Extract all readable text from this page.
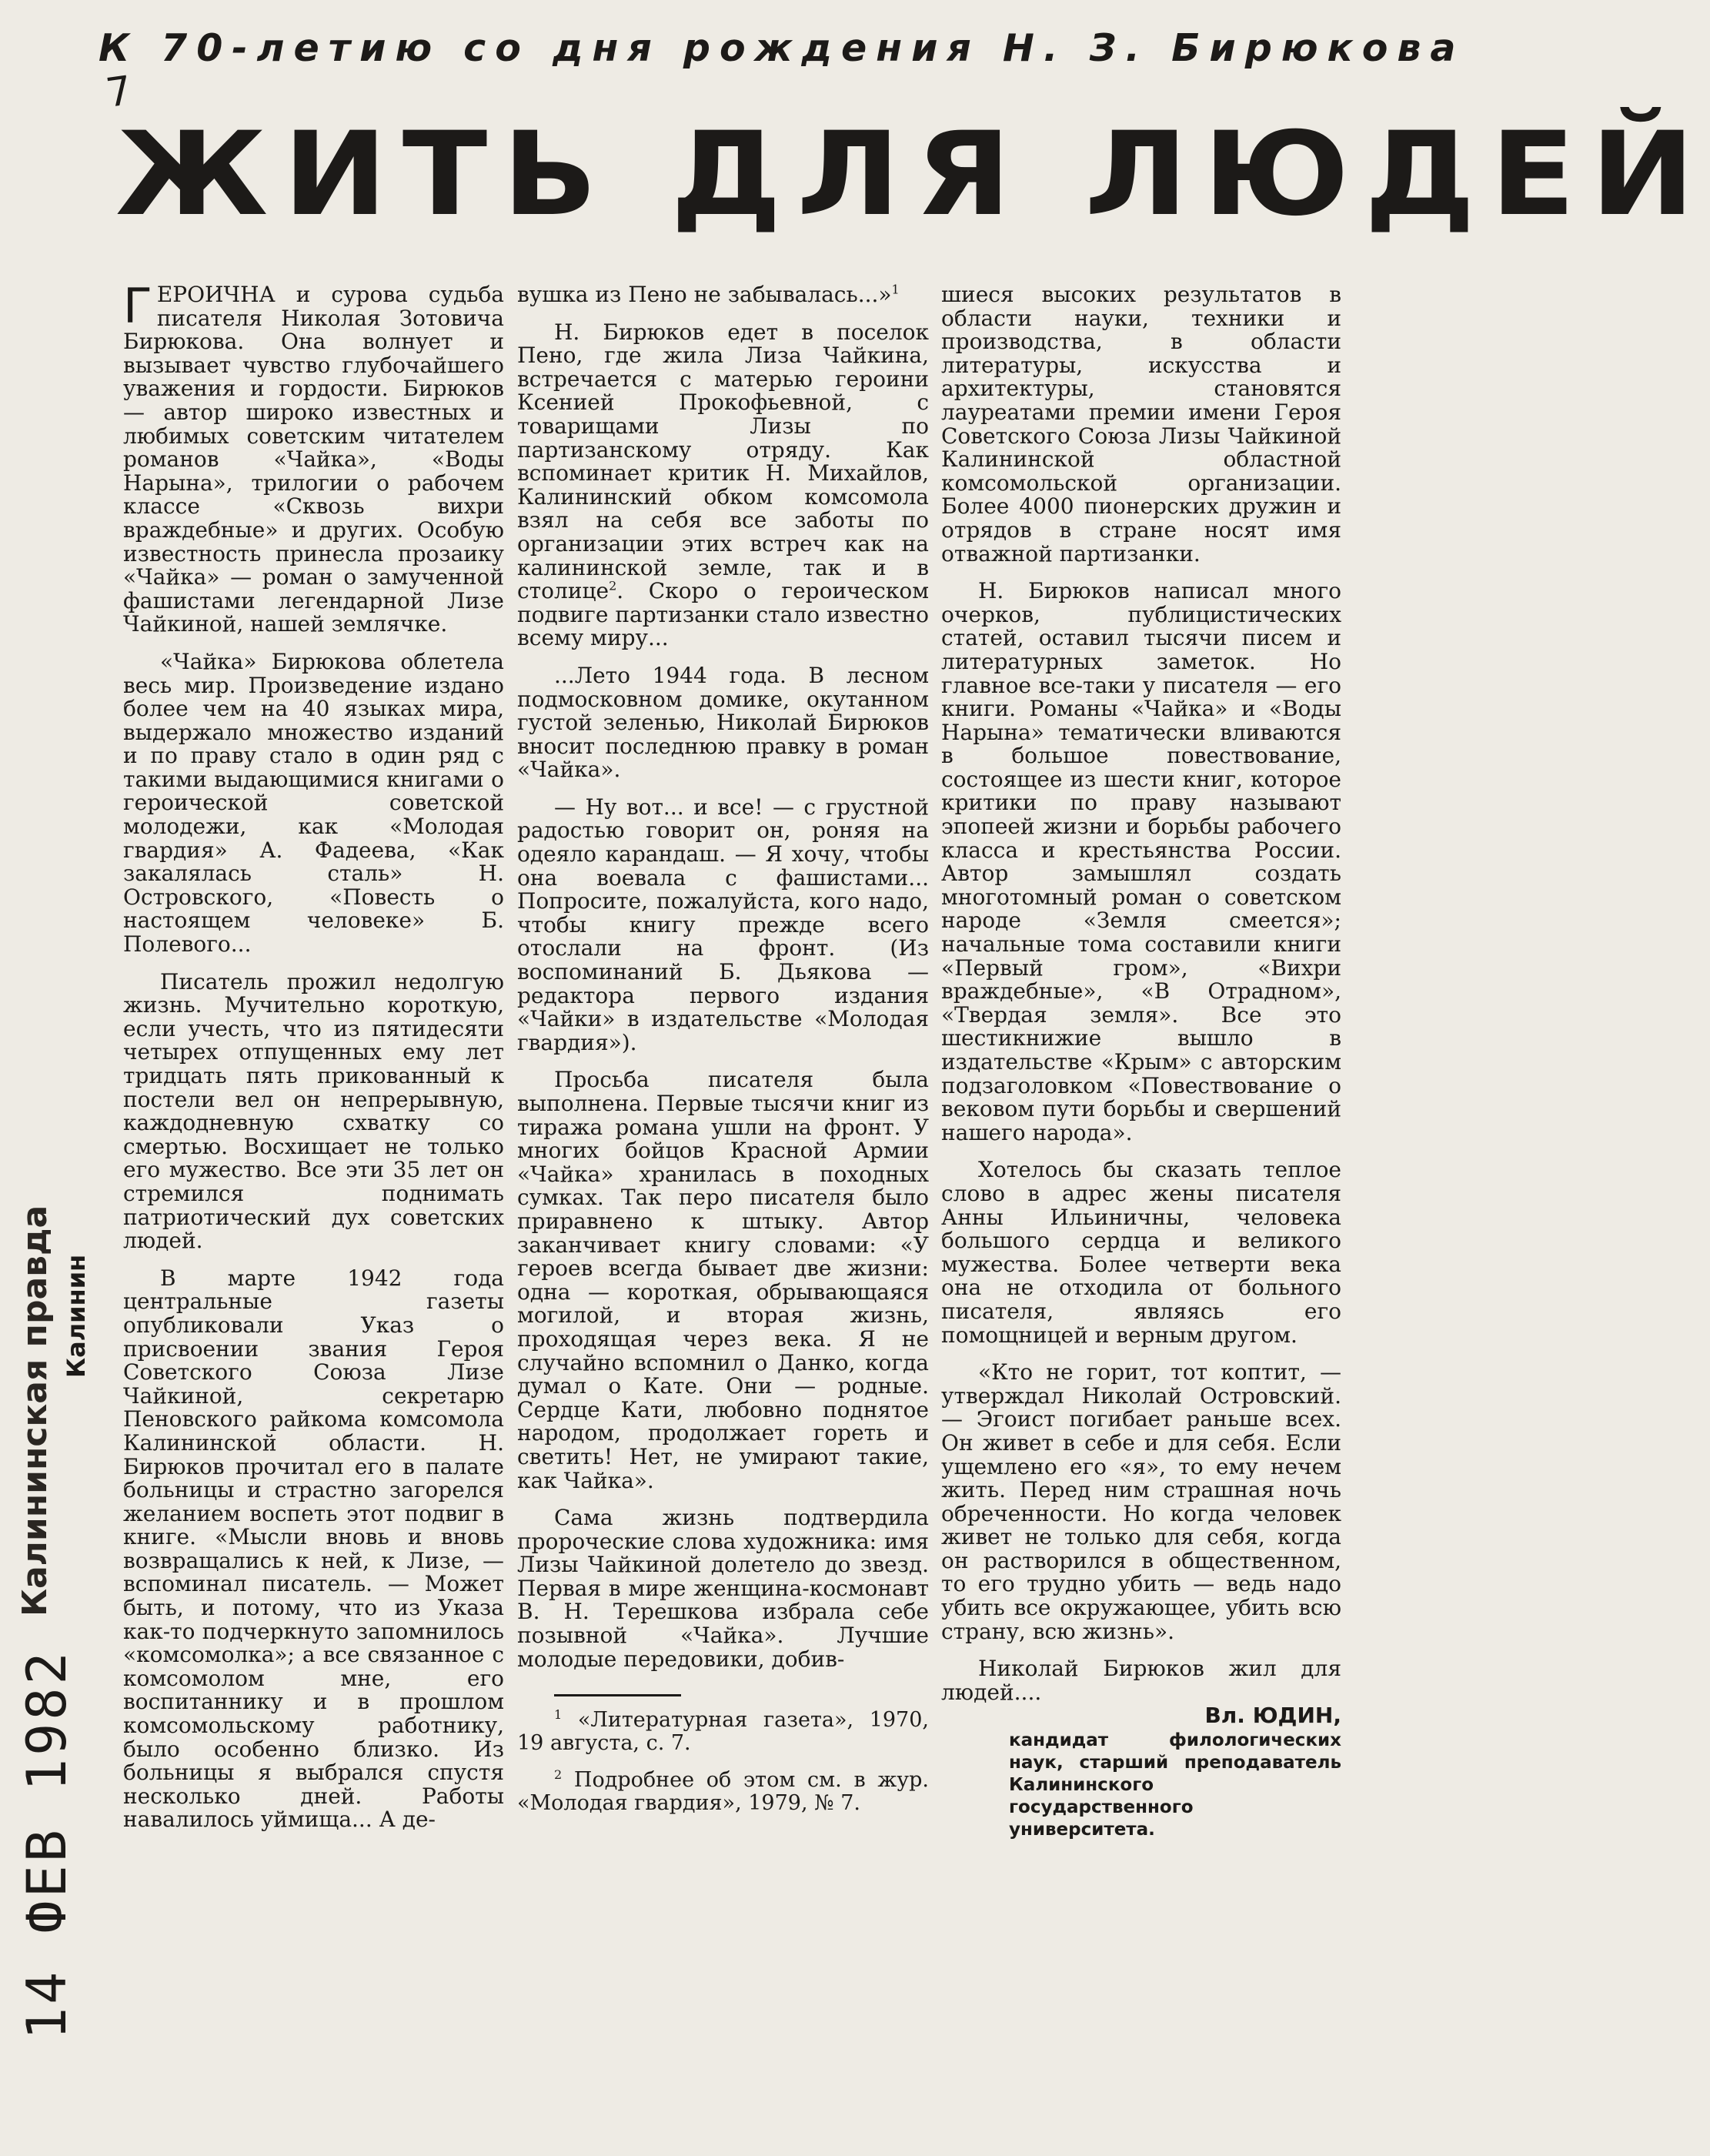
К 70-летию со дня рождения Н. З. Бирюкова
7
ЖИТЬ ДЛЯ ЛЮДЕЙ
Калининская правда Калинин
14 ФЕВ 1982

ГЕРОИЧНА и сурова судьба писателя Николая Зотовича Бирюкова. Она волнует и вызывает чувство глубочайшего уважения и гордости. Бирюков — автор широко известных и любимых советским читателем романов «Чайка», «Воды Нарына», трилогии о рабочем классе «Сквозь вихри враждебные» и других. Особую известность принесла прозаику «Чайка» — роман о замученной фашистами легендарной Лизе Чайкиной, нашей землячке.

«Чайка» Бирюкова облетела весь мир. Произведение издано более чем на 40 языках мира, выдержало множество изданий и по праву стало в один ряд с такими выдающимися книгами о героической советской молодежи, как «Молодая гвардия» А. Фадеева, «Как закалялась сталь» Н. Островского, «Повесть о настоящем человеке» Б. Полевого...

Писатель прожил недолгую жизнь. Мучительно короткую, если учесть, что из пятидесяти четырех отпущенных ему лет тридцать пять прикованный к постели вел он непрерывную, каждодневную схватку со смертью. Восхищает не только его мужество. Все эти 35 лет он стремился поднимать патриотический дух советских людей.

В марте 1942 года центральные газеты опубликовали Указ о присвоении звания Героя Советского Союза Лизе Чайкиной, секретарю Пеновского райкома комсомола Калининской области. Н. Бирюков прочитал его в палате больницы и страстно загорелся желанием воспеть этот подвиг в книге. «Мысли вновь и вновь возвращались к ней, к Лизе, — вспоминал писатель. — Может быть, и потому, что из Указа как-то подчеркнуто запомнилось «комсомолка»; а все связанное с комсомолом мне, его воспитаннику и в прошлом комсомольскому работнику, было особенно близко. Из больницы я выбрался спустя несколько дней. Работы навалилось уймища... А де-

вушка из Пено не забывалась...»$^1$

Н. Бирюков едет в поселок Пено, где жила Лиза Чайкина, встречается с матерью героини Ксенией Прокофьевной, с товарищами Лизы по партизанскому отряду. Как вспоминает критик Н. Михайлов, Калининский обком комсомола взял на себя все заботы по организации этих встреч как на калининской земле, так и в столице$^2$. Скоро о героическом подвиге партизанки стало известно всему миру...

...Лето 1944 года. В лесном подмосковном домике, окутанном густой зеленью, Николай Бирюков вносит последнюю правку в роман «Чайка».

— Ну вот... и все! — с грустной радостью говорит он, роняя на одеяло карандаш. — Я хочу, чтобы она воевала с фашистами... Попросите, пожалуйста, кого надо, чтобы книгу прежде всего отослали на фронт. (Из воспоминаний Б. Дьякова — редактора первого издания «Чайки» в издательстве «Молодая гвардия»).

Просьба писателя была выполнена. Первые тысячи книг из тиража романа ушли на фронт. У многих бойцов Красной Армии «Чайка» хранилась в походных сумках. Так перо писателя было приравнено к штыку. Автор заканчивает книгу словами: «У героев всегда бывает две жизни: одна — короткая, обрывающаяся могилой, и вторая жизнь, проходящая через века. Я не случайно вспомнил о Данко, когда думал о Кате. Они — родные. Сердце Кати, любовно поднятое народом, продолжает гореть и светить! Нет, не умирают такие, как Чайка».

Сама жизнь подтвердила пророческие слова художника: имя Лизы Чайкиной долетело до звезд. Первая в мире женщина-космонавт В. Н. Терешкова избрала себе позывной «Чайка». Лучшие молодые передовики, добив-

$^1$ «Литературная газета», 1970, 19 августа, с. 7.

$^2$ Подробнее об этом см. в жур. «Молодая гвардия», 1979, № 7.

шиеся высоких результатов в области науки, техники и производства, в области литературы, искусства и архитектуры, становятся лауреатами премии имени Героя Советского Союза Лизы Чайкиной Калининской областной комсомольской организации. Более 4000 пионерских дружин и отрядов в стране носят имя отважной партизанки.

Н. Бирюков написал много очерков, публицистических статей, оставил тысячи писем и литературных заметок. Но главное все-таки у писателя — его книги. Романы «Чайка» и «Воды Нарына» тематически вливаются в большое повествование, состоящее из шести книг, которое критики по праву называют эпопеей жизни и борьбы рабочего класса и крестьянства России. Автор замышлял создать многотомный роман о советском народе «Земля смеется»; начальные тома составили книги «Первый гром», «Вихри враждебные», «В Отрадном», «Твердая земля». Все это шестикнижие вышло в издательстве «Крым» с авторским подзаголовком «Повествование о вековом пути борьбы и свершений нашего народа».

Хотелось бы сказать теплое слово в адрес жены писателя Анны Ильиничны, человека большого сердца и великого мужества. Более четверти века она не отходила от больного писателя, являясь его помощницей и верным другом.

«Кто не горит, тот коптит, — утверждал Николай Островский. — Эгоист погибает раньше всех. Он живет в себе и для себя. Если ущемлено его «я», то ему нечем жить. Перед ним страшная ночь обреченности. Но когда человек живет не только для себя, когда он растворился в общественном, то его трудно убить — ведь надо убить все окружающее, убить всю страну, всю жизнь».

Николай Бирюков жил для людей....

Вл. ЮДИН,
кандидат филологических наук, старший преподаватель Калининского государственного университета.
